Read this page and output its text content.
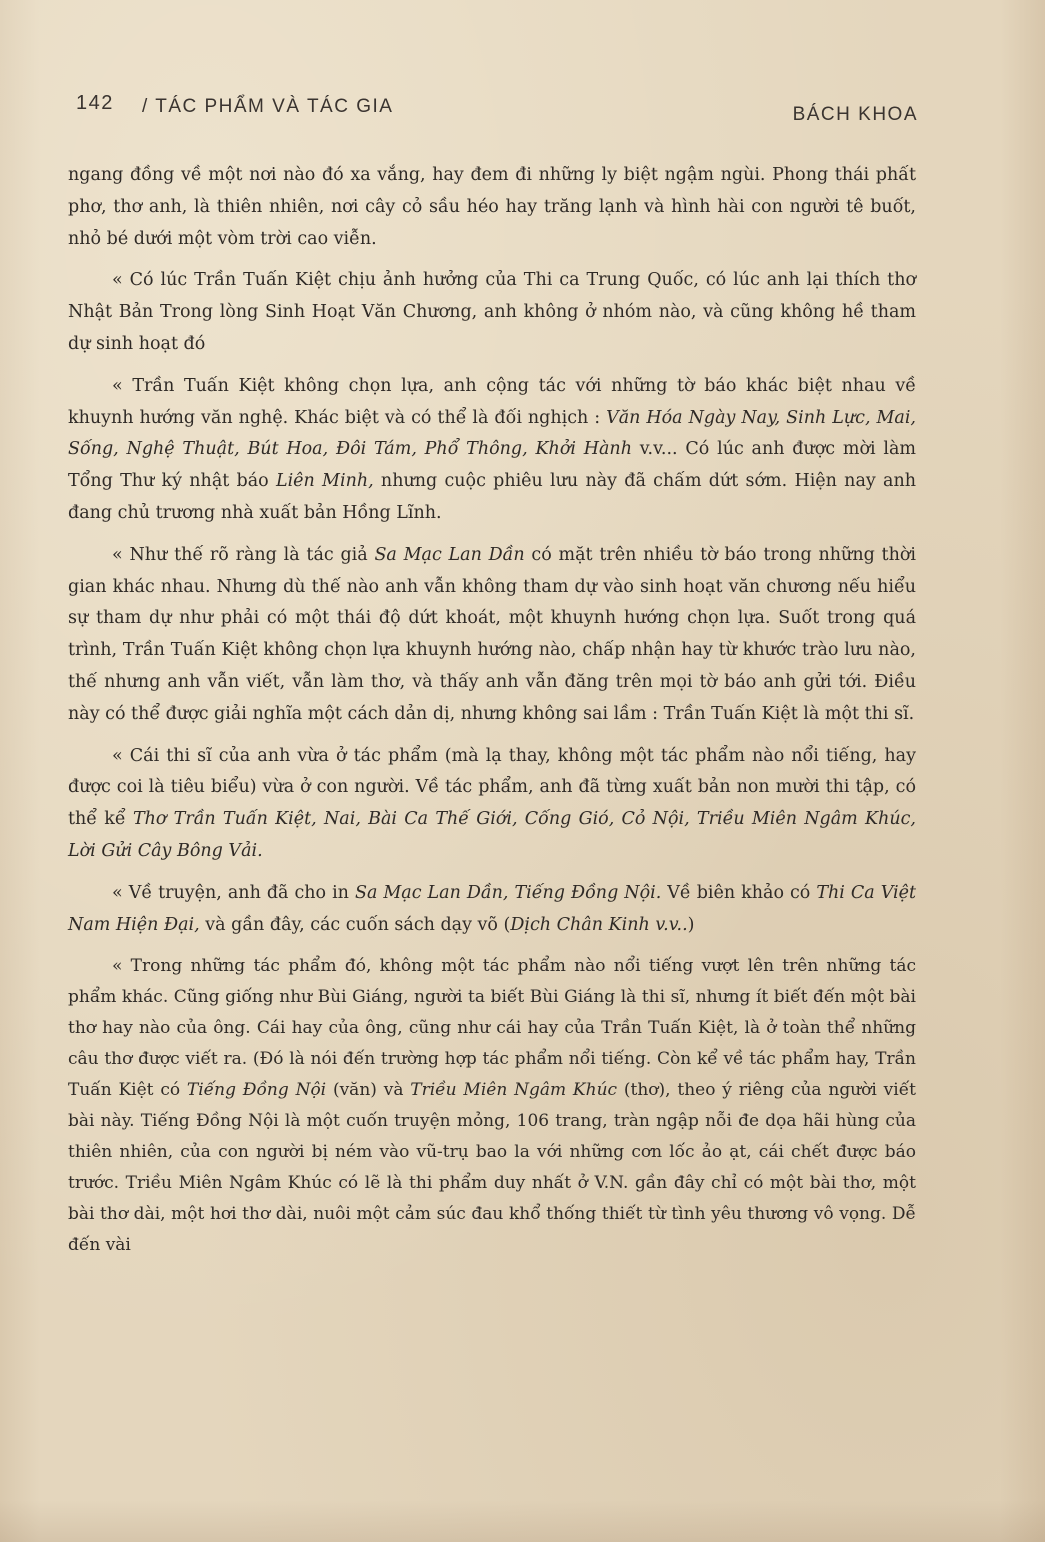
142 / TÁC PHẨM VÀ TÁC GIA	BÁCH KHOA

ngang đồng về một nơi nào đó xa vắng, hay đem đi những ly biệt ngậm ngùi. Phong thái phất phơ, thơ anh, là thiên nhiên, nơi cây cỏ sầu héo hay trăng lạnh và hình hài con người tê buốt, nhỏ bé dưới một vòm trời cao viễn.

« Có lúc Trần Tuấn Kiệt chịu ảnh hưởng của Thi ca Trung Quốc, có lúc anh lại thích thơ Nhật Bản Trong lòng Sinh Hoạt Văn Chương, anh không ở nhóm nào, và cũng không hề tham dự sinh hoạt đó

« Trần Tuấn Kiệt không chọn lựa, anh cộng tác với những tờ báo khác biệt nhau về khuynh hướng văn nghệ. Khác biệt và có thể là đối nghịch : Văn Hóa Ngày Nay, Sinh Lực, Mai, Sống, Nghệ Thuật, Bút Hoa, Đôi Tám, Phổ Thông, Khởi Hành v.v... Có lúc anh được mời làm Tổng Thư ký nhật báo Liên Minh, nhưng cuộc phiêu lưu này đã chấm dứt sớm. Hiện nay anh đang chủ trương nhà xuất bản Hồng Lĩnh.

« Như thế rõ ràng là tác giả Sa Mạc Lan Dần có mặt trên nhiều tờ báo trong những thời gian khác nhau. Nhưng dù thế nào anh vẫn không tham dự vào sinh hoạt văn chương nếu hiểu sự tham dự như phải có một thái độ dứt khoát, một khuynh hướng chọn lựa. Suốt trong quá trình, Trần Tuấn Kiệt không chọn lựa khuynh hướng nào, chấp nhận hay từ khước trào lưu nào, thế nhưng anh vẫn viết, vẫn làm thơ, và thấy anh vẫn đăng trên mọi tờ báo anh gửi tới. Điều này có thể được giải nghĩa một cách dản dị, nhưng không sai lầm : Trần Tuấn Kiệt là một thi sĩ.

« Cái thi sĩ của anh vừa ở tác phẩm (mà lạ thay, không một tác phẩm nào nổi tiếng, hay được coi là tiêu biểu) vừa ở con người. Về tác phẩm, anh đã từng xuất bản non mười thi tập, có thể kể Thơ Trần Tuấn Kiệt, Nai, Bài Ca Thế Giới, Cống Gió, Cỏ Nội, Triều Miên Ngâm Khúc, Lời Gửi Cây Bông Vải.

« Về truyện, anh đã cho in Sa Mạc Lan Dần, Tiếng Đồng Nội. Về biên khảo có Thi Ca Việt Nam Hiện Đại, và gần đây, các cuốn sách dạy võ (Dịch Chân Kinh v.v..)

« Trong những tác phẩm đó, không một tác phẩm nào nổi tiếng vượt lên trên những tác phẩm khác. Cũng giống như Bùi Giáng, người ta biết Bùi Giáng là thi sĩ, nhưng ít biết đến một bài thơ hay nào của ông. Cái hay của ông, cũng như cái hay của Trần Tuấn Kiệt, là ở toàn thể những câu thơ được viết ra. (Đó là nói đến trường hợp tác phẩm nổi tiếng. Còn kể về tác phẩm hay, Trần Tuấn Kiệt có Tiếng Đồng Nội (văn) và Triều Miên Ngâm Khúc (thơ), theo ý riêng của người viết bài này. Tiếng Đồng Nội là một cuốn truyện mỏng, 106 trang, tràn ngập nỗi đe dọa hãi hùng của thiên nhiên, của con người bị ném vào vũ-trụ bao la với những cơn lốc ảo ạt, cái chết được báo trước. Triều Miên Ngâm Khúc có lẽ là thi phẩm duy nhất ở V.N. gần đây chỉ có một bài thơ, một bài thơ dài, một hơi thơ dài, nuôi một cảm súc đau khổ thống thiết từ tình yêu thương vô vọng. Dễ đến vài
